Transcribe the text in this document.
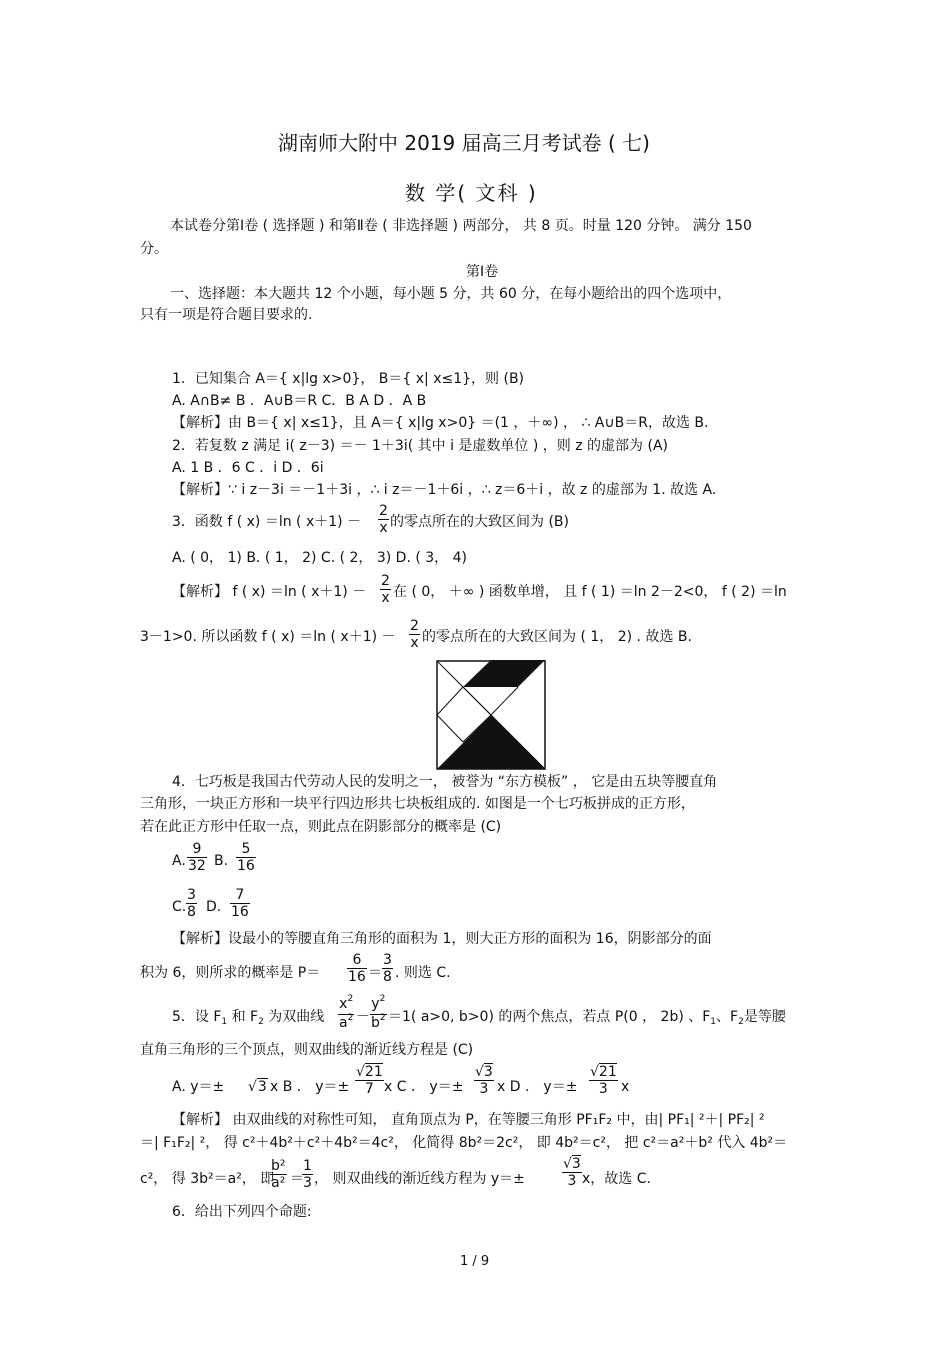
湖南师大附中 2019 届高三月考试卷 ( 七)
数 学( 文科 )
本试卷分第Ⅰ卷 ( 选择题 ) 和第Ⅱ卷 ( 非选择题 ) 两部分， 共 8 页。时量 120 分钟。 满分 150
分。
第Ⅰ卷
一、选择题：本大题共 12 个小题，每小题 5 分，共 60 分，在每小题给出的四个选项中，
只有一项是符合题目要求的.
1．已知集合 A＝{ x|lg x>0}， B＝{ x| x≤1}，则 (B)
A. A∩B≠ B ．A∪B＝R C．B A D ．A B
【解析】由 B＝{ x| x≤1}，且 A＝{ x|lg x>0} ＝(1 ，＋∞) ， ∴ A∪B＝R，故选 B.
2．若复数 z 满足 i( z－3) ＝－ 1＋3i( 其中 i 是虚数单位 ) ，则 z 的虚部为 (A)
A. 1 B ．6 C ．i D ．6i
【解析】∵ i z－3i ＝－1＋3i ，∴ i z＝－1＋6i ，∴ z＝6＋i ，故 z 的虚部为 1. 故选 A.
3．函数 f ( x) ＝ln ( $x+1) - \frac{2}{x}$ 的零点所在的大致区间为 (B)
A. ( 0， 1) B. ( 1， 2) C. ( 2， 3) D. ( 3， 4)
【解析】 f ( x) ＝ln ( $x+1) - \frac{2}{x}$ 在 ( 0， ＋∞ ) 函数单增， 且 f ( 1) ＝ln 2－2<0， f ( 2) ＝ln
3－1>0. 所以函数 f ( x) ＝ln ( $x+1) - \frac{2}{x}$ 的零点所在的大致区间为 ( 1， 2) . 故选 B.
4．七巧板是我国古代劳动人民的发明之一， 被誉为 “东方模板” ， 它是由五块等腰直角
三角形，一块正方形和一块平行四边形共七块板组成的. 如图是一个七巧板拼成的正方形，
若在此正方形中任取一点，则此点在阴影部分的概率是 (C)
A. $\frac{9}{32} B$. $\frac{5}{16}$
C. $\frac{3}{8} D$. $\frac{7}{16}$
【解析】设最小的等腰直角三角形的面积为 1，则大正方形的面积为 16，阴影部分的面
积为 6，则所求的概率是 $P= \frac{6}{16} = \frac{3}{8}$ . 则选 C.
5．设 $F_1$ 和 $F_2$ 为双曲线 $\frac{x^2}{a^2} - \frac{y^2}{b^2} =1$( a>0, b>0) 的两个焦点，若点 P(0 ， 2b) 、$F_1$、$F_2$是等腰
直角三角形的三个顶点，则双曲线的渐近线方程是 (C)
A. y＝± √3 x B ． $y=\pm \frac{√21}{7}$ x C ． $y=\pm \frac{√3}{3}$ x D ． $y=\pm \frac{√21}{3}$ x
【解析】 由双曲线的对称性可知， 直角顶点为 P，在等腰三角形 PF₁F₂ 中，由| PF₁| ²＋| PF₂| ²
＝| F₁F₂| ²， 得 c²＋4b²＋c²＋4b²＝4c²， 化简得 8b²＝2c²， 即 4b²＝c²， 把 c²＝a²＋b² 代入 4b²＝
c²， 得 3b²＝a²， 即
$\frac{\text{b²}}{\text{a²}}$ ＝
$\frac{1}{3}$ ， 则双曲线的渐近线方程为 y＝±	$\frac{√3}{3}$ x，故选 C.
6．给出下列四个命题:
1 / 9
